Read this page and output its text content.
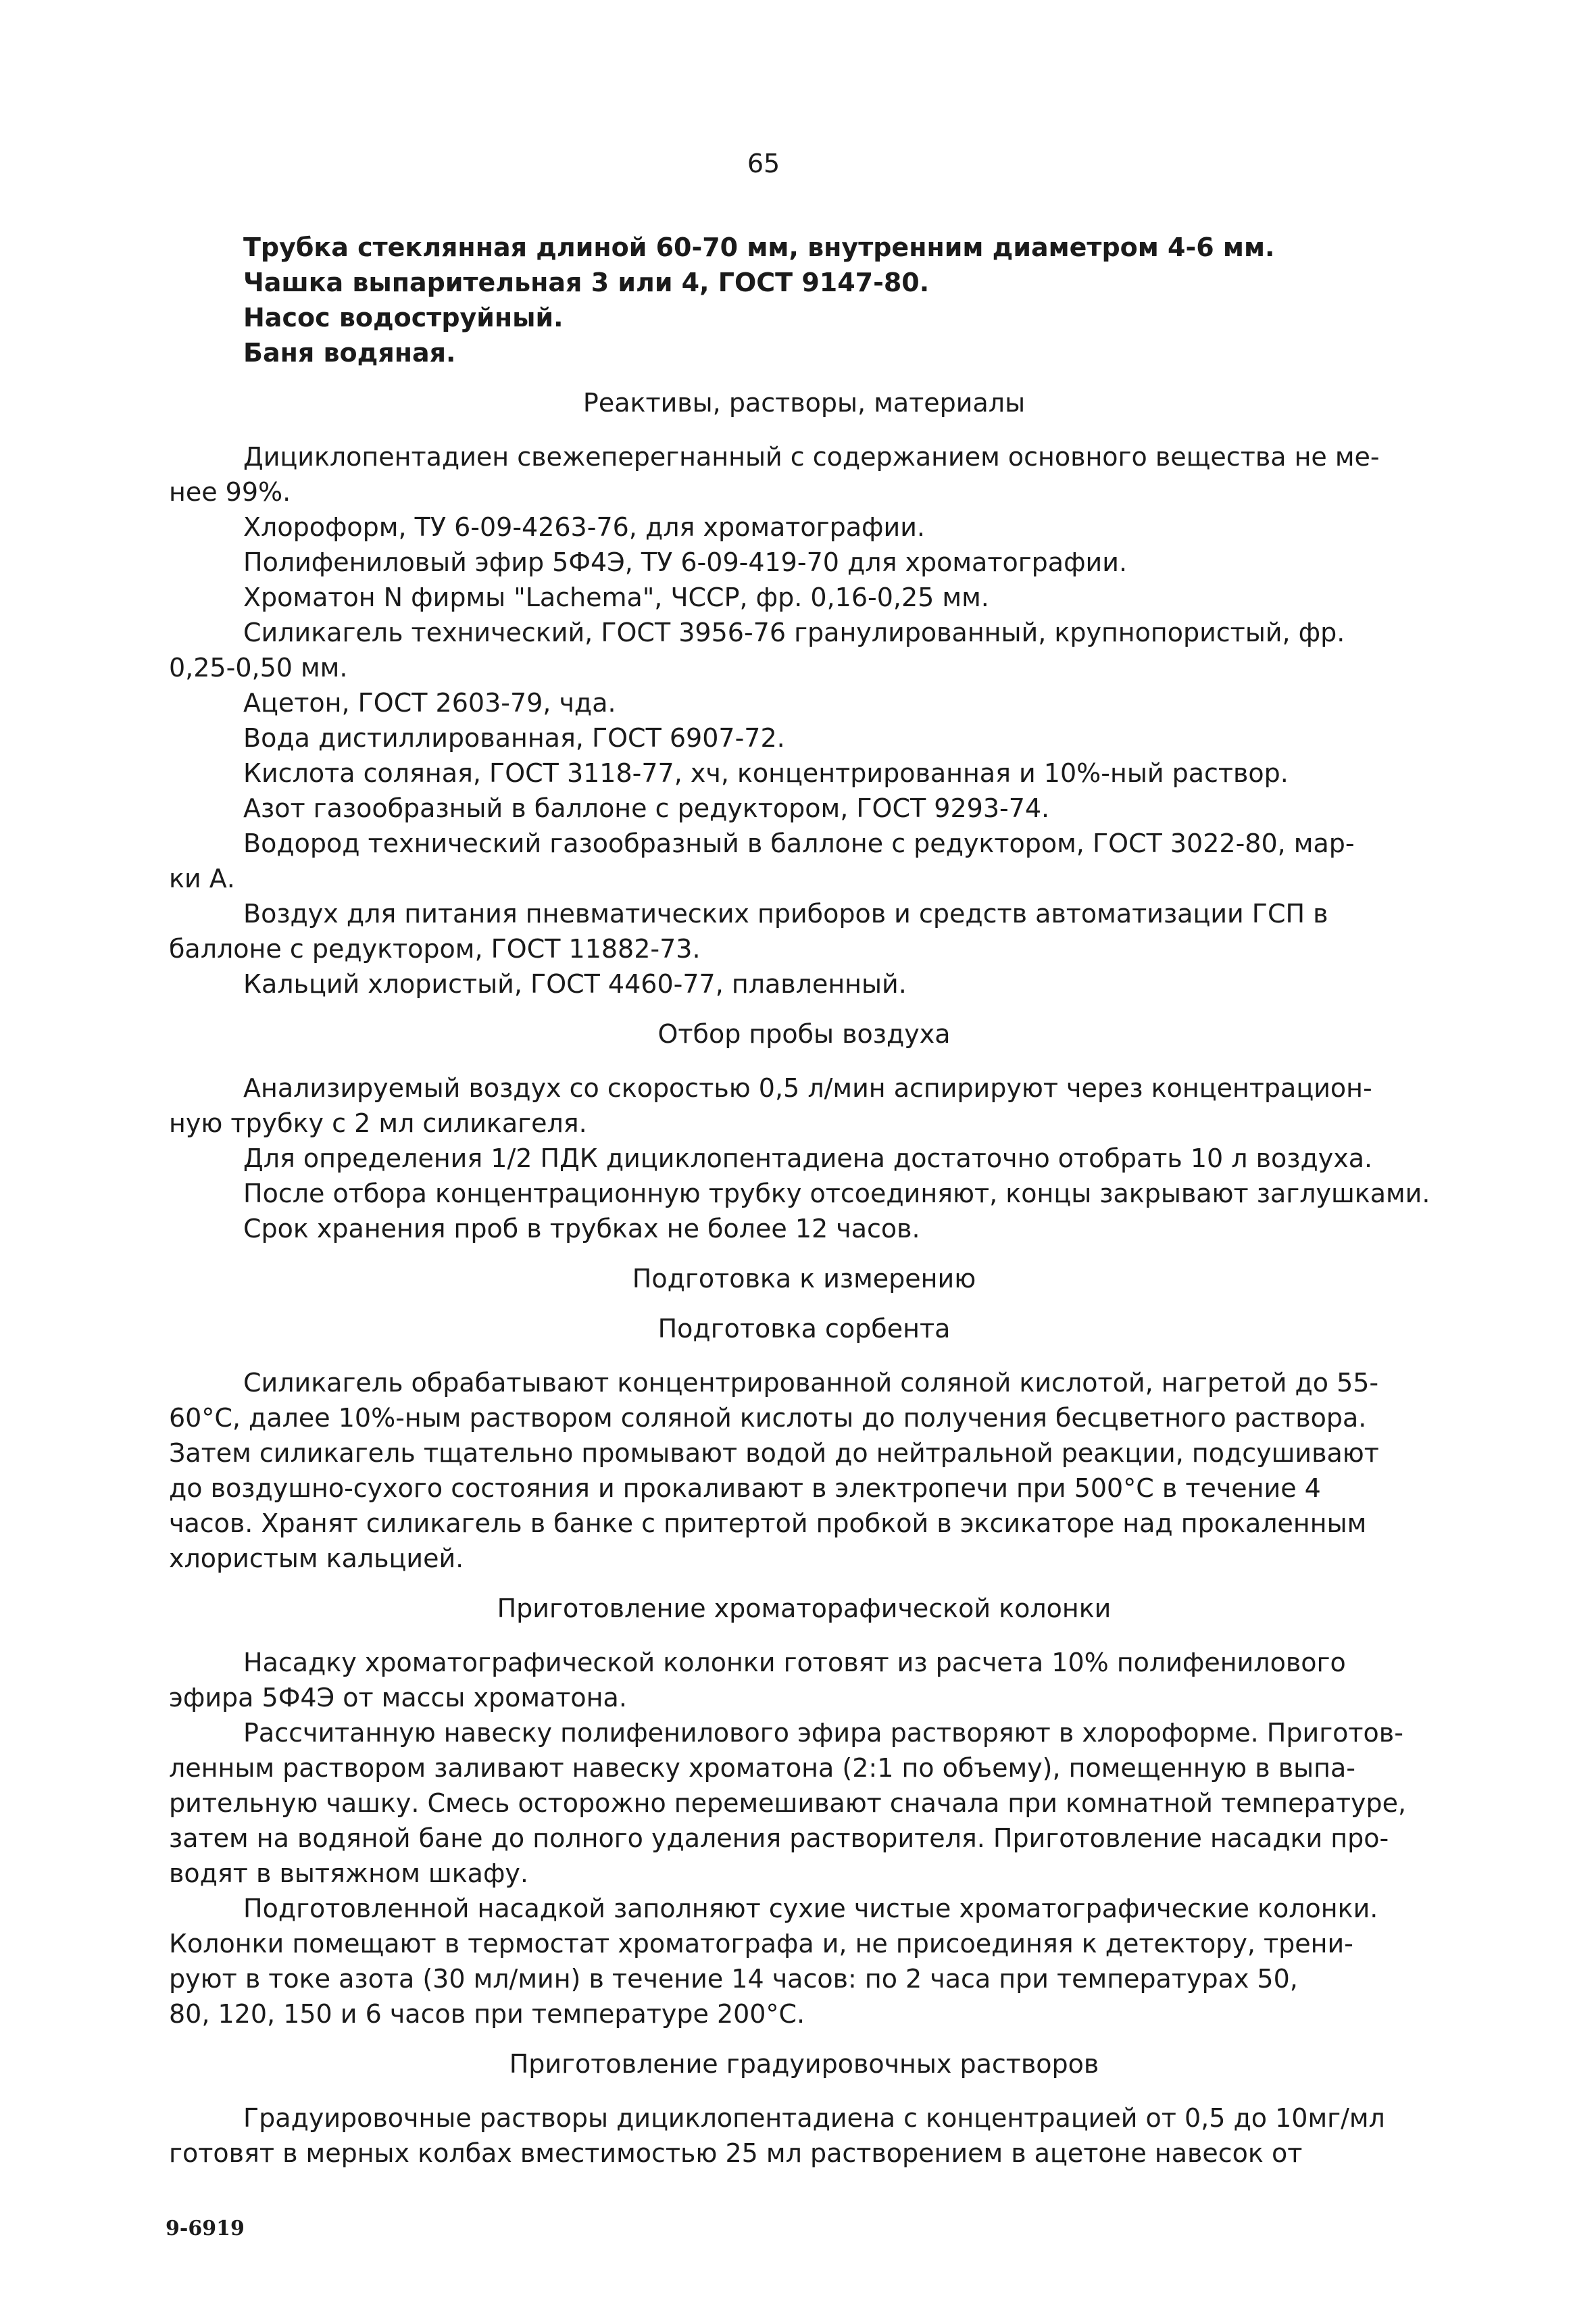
65
Трубка стеклянная длиной 60-70 мм, внутренним диаметром 4-6 мм.
Чашка выпарительная 3 или 4, ГОСТ 9147-80.
Насос водоструйный.
Баня водяная.
Реактивы, растворы, материалы
Дициклопентадиен свежеперегнанный с содержанием основного вещества не ме-
нее 99%.
Хлороформ, ТУ 6-09-4263-76, для хроматографии.
Полифениловый эфир 5Ф4Э, ТУ 6-09-419-70 для хроматографии.
Хроматон N фирмы "Lachema", ЧССР, фр. 0,16-0,25 мм.
Силикагель технический, ГОСТ 3956-76 гранулированный, крупнопористый, фр.
0,25-0,50 мм.
Ацетон, ГОСТ 2603-79, чда.
Вода дистиллированная, ГОСТ 6907-72.
Кислота соляная, ГОСТ 3118-77, хч, концентрированная и 10%-ный раствор.
Азот газообразный в баллоне с редуктором, ГОСТ 9293-74.
Водород технический газообразный в баллоне с редуктором, ГОСТ 3022-80, мар-
ки А.
Воздух для питания пневматических приборов и средств автоматизации ГСП в
баллоне с редуктором, ГОСТ 11882-73.
Кальций хлористый, ГОСТ 4460-77, плавленный.
Отбор пробы воздуха
Анализируемый воздух со скоростью 0,5 л/мин аспирируют через концентрацион-
ную трубку с 2 мл силикагеля.
Для определения 1/2 ПДК дициклопентадиена достаточно отобрать 10 л воздуха.
После отбора концентрационную трубку отсоединяют, концы закрывают заглушками.
Срок хранения проб в трубках не более 12 часов.
Подготовка к измерению
Подготовка сорбента
Силикагель обрабатывают концентрированной соляной кислотой, нагретой до 55-
60°С, далее 10%-ным раствором соляной кислоты до получения бесцветного раствора.
Затем силикагель тщательно промывают водой до нейтральной реакции, подсушивают
до воздушно-сухого состояния и прокаливают в электропечи при 500°С в течение 4
часов. Хранят силикагель в банке с притертой пробкой в эксикаторе над прокаленным
хлористым кальцией.
Приготовление хроматорафической колонки
Насадку хроматографической колонки готовят из расчета 10% полифенилового
эфира 5Ф4Э от массы хроматона.
Рассчитанную навеску полифенилового эфира растворяют в хлороформе. Приготов-
ленным раствором заливают навеску хроматона (2:1 по объему), помещенную в выпа-
рительную чашку. Смесь осторожно перемешивают сначала при комнатной температуре,
затем на водяной бане до полного удаления растворителя. Приготовление насадки про-
водят в вытяжном шкафу.
Подготовленной насадкой заполняют сухие чистые хроматографические колонки.
Колонки помещают в термостат хроматографа и, не присоединяя к детектору, трени-
руют в токе азота (30 мл/мин) в течение 14 часов: по 2 часа при температурах 50,
80, 120, 150 и 6 часов при температуре 200°С.
Приготовление градуировочных растворов
Градуировочные растворы дициклопентадиена с концентрацией от 0,5 до 10мг/мл
готовят в мерных колбах вместимостью 25 мл растворением в ацетоне навесок от
9-6919
